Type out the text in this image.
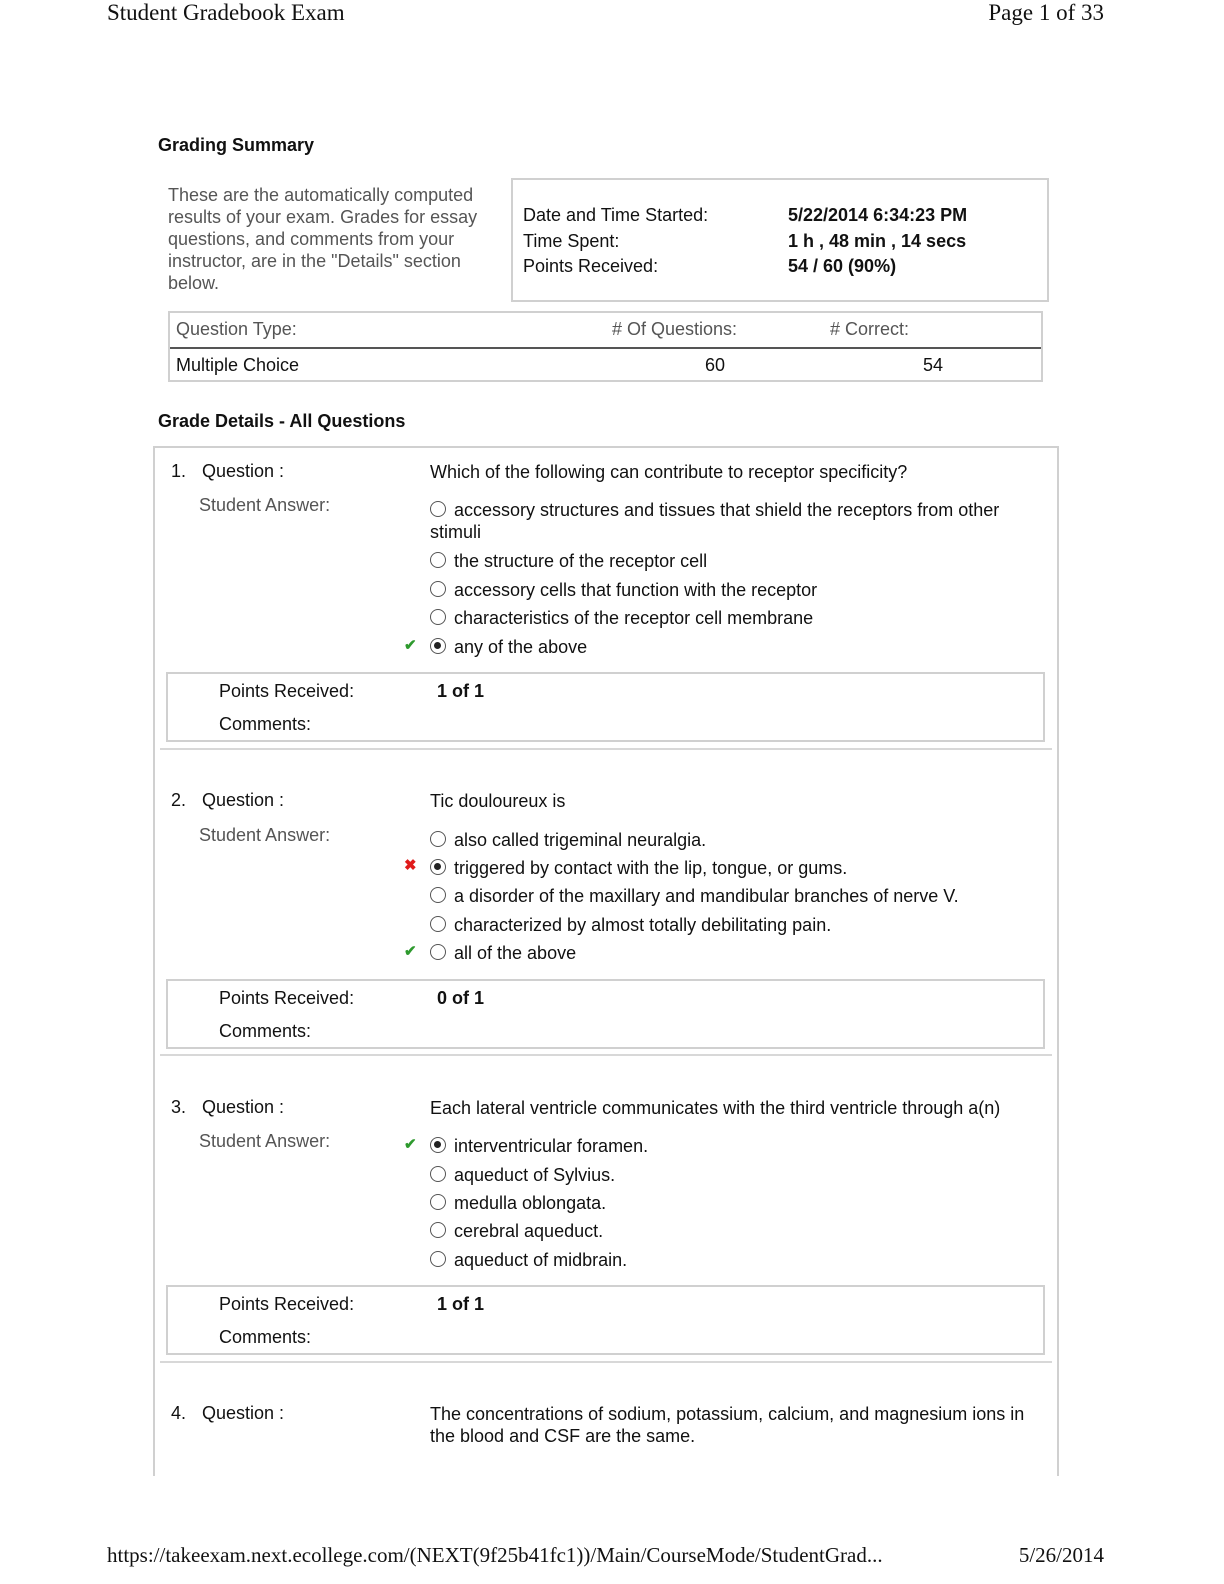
Student Gradebook Exam	Page 1 of 33
https://takeexam.next.ecollege.com/(NEXT(9f25b41fc1))/Main/CourseMode/StudentGrad...	5/26/2014
Grading Summary
These are the automatically computed results of your exam. Grades for essay questions, and comments from your instructor, are in the "Details" section below.
Date and Time Started:	5/22/2014 6:34:23 PM
Time Spent:	1 h , 48 min , 14 secs
Points Received:	54 / 60 (90%)
Question Type:	# Of Questions:	# Correct:
Multiple Choice	60	54
Grade Details - All Questions
1. Question :	Which of the following can contribute to receptor specificity?
Student Answer:	accessory structures and tissues that shield the receptors from other stimuli
the structure of the receptor cell
accessory cells that function with the receptor
characteristics of the receptor cell membrane
✔	any of the above
Points Received:	1 of 1
Comments:
2. Question :	Tic douloureux is
Student Answer:	also called trigeminal neuralgia.
✖	triggered by contact with the lip, tongue, or gums.
a disorder of the maxillary and mandibular branches of nerve V.
characterized by almost totally debilitating pain.
✔	all of the above
Points Received:	0 of 1
Comments:
3. Question :	Each lateral ventricle communicates with the third ventricle through a(n)
Student Answer:	✔	interventricular foramen.
aqueduct of Sylvius.
medulla oblongata.
cerebral aqueduct.
aqueduct of midbrain.
Points Received:	1 of 1
Comments:
4. Question :	The concentrations of sodium, potassium, calcium, and magnesium ions in the blood and CSF are the same.
